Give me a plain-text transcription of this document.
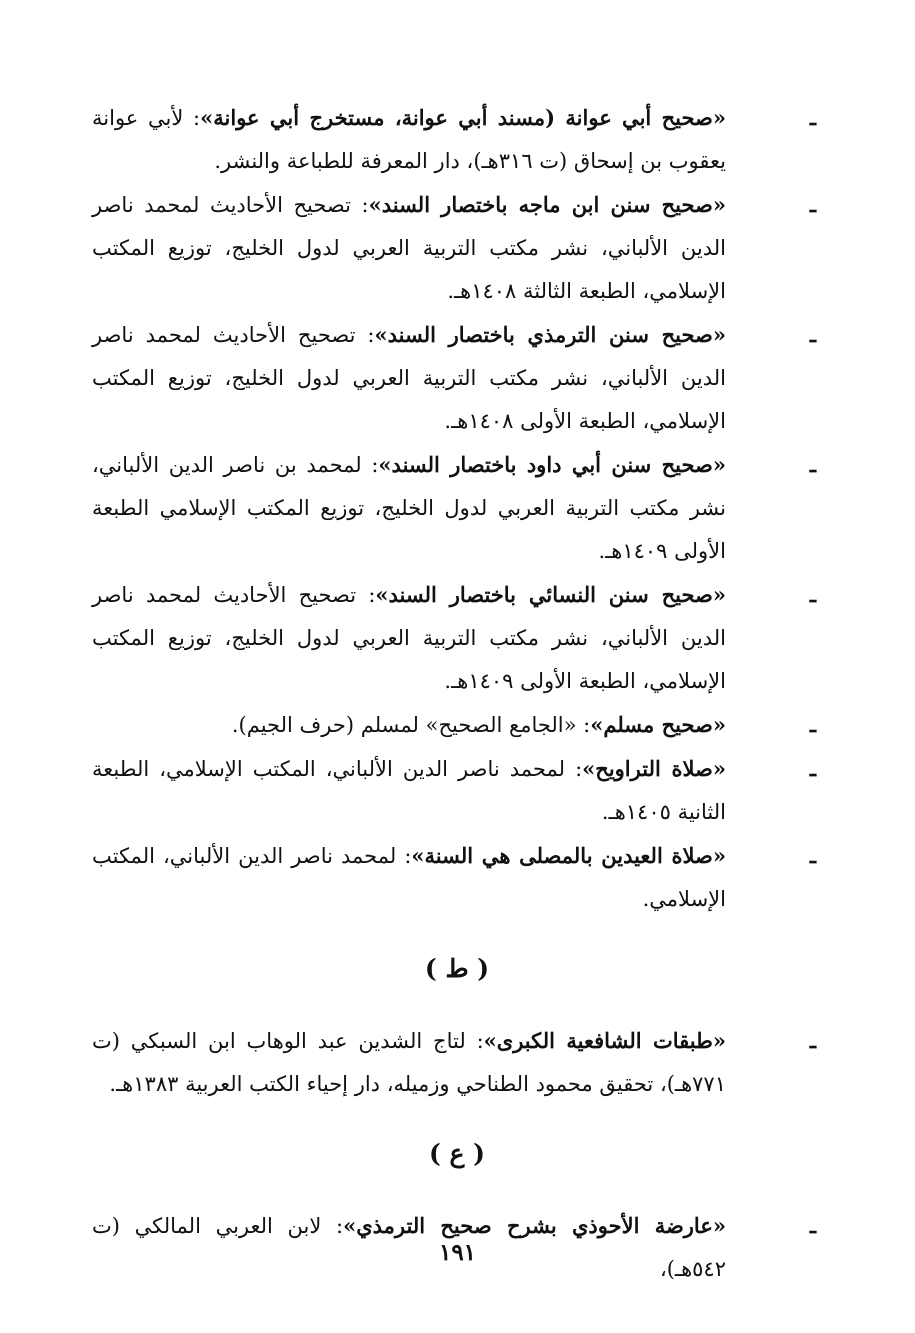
ـ
«صحيح أبي عوانة (مسند أبي عوانة، مستخرج أبي عوانة»: لأبي عوانة يعقوب بن إسحاق (ت ٣١٦هـ)، دار المعرفة للطباعة والنشر.
ـ
«صحيح سنن ابن ماجه باختصار السند»: تصحيح الأحاديث لمحمد ناصر الدين الألباني، نشر مكتب التربية العربي لدول الخليج، توزيع المكتب الإسلامي، الطبعة الثالثة ١٤٠٨هـ.
ـ
«صحيح سنن الترمذي باختصار السند»: تصحيح الأحاديث لمحمد ناصر الدين الألباني، نشر مكتب التربية العربي لدول الخليج، توزيع المكتب الإسلامي، الطبعة الأولى ١٤٠٨هـ.
ـ
«صحيح سنن أبي داود باختصار السند»: لمحمد بن ناصر الدين الألباني، نشر مكتب التربية العربي لدول الخليج، توزيع المكتب الإسلامي الطبعة الأولى ١٤٠٩هـ.
ـ
«صحيح سنن النسائي باختصار السند»: تصحيح الأحاديث لمحمد ناصر الدين الألباني، نشر مكتب التربية العربي لدول الخليج، توزيع المكتب الإسلامي، الطبعة الأولى ١٤٠٩هـ.
ـ
«صحيح مسلم»: «الجامع الصحيح» لمسلم (حرف الجيم).
ـ
«صلاة التراويح»: لمحمد ناصر الدين الألباني، المكتب الإسلامي، الطبعة الثانية ١٤٠٥هـ.
ـ
«صلاة العيدين بالمصلى هي السنة»: لمحمد ناصر الدين الألباني، المكتب الإسلامي.
( ط )
ـ
«طبقات الشافعية الكبرى»: لتاج الشدين عبد الوهاب ابن السبكي (ت ٧٧١هـ)، تحقيق محمود الطناحي وزميله، دار إحياء الكتب العربية ١٣٨٣هـ.
( ع )
ـ
«عارضة الأحوذي بشرح صحيح الترمذي»: لابن العربي المالكي (ت ٥٤٢هـ)،
١٩١
